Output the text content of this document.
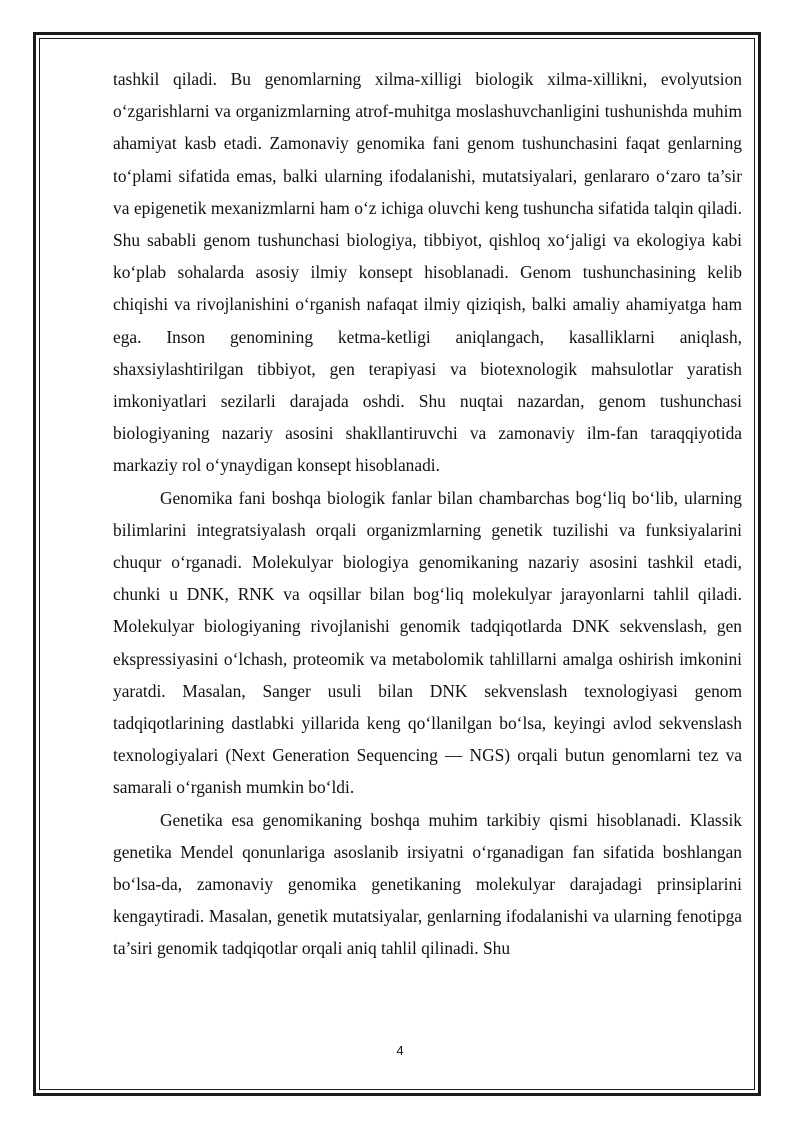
tashkil qiladi. Bu genomlarning xilma-xilligi biologik xilma-xillikni, evolyutsion o‘zgarishlarni va organizmlarning atrof-muhitga moslashuvchanligini tushunishda muhim ahamiyat kasb etadi. Zamonaviy genomika fani genom tushunchasini faqat genlarning to‘plami sifatida emas, balki ularning ifodalanishi, mutatsiyalari, genlararo o‘zaro ta’sir va epigenetik mexanizmlarni ham o‘z ichiga oluvchi keng tushuncha sifatida talqin qiladi. Shu sababli genom tushunchasi biologiya, tibbiyot, qishloq xo‘jaligi va ekologiya kabi ko‘plab sohalarda asosiy ilmiy konsept hisoblanadi. Genom tushunchasining kelib chiqishi va rivojlanishini o‘rganish nafaqat ilmiy qiziqish, balki amaliy ahamiyatga ham ega. Inson genomining ketma-ketligi aniqlangach, kasalliklarni aniqlash, shaxsiylashtirilgan tibbiyot, gen terapiyasi va biotexnologik mahsulotlar yaratish imkoniyatlari sezilarli darajada oshdi. Shu nuqtai nazardan, genom tushunchasi biologiyaning nazariy asosini shakllantiruvchi va zamonaviy ilm-fan taraqqiyotida markaziy rol o‘ynaydigan konsept hisoblanadi.

Genomika fani boshqa biologik fanlar bilan chambarchas bog‘liq bo‘lib, ularning bilimlarini integratsiyalash orqali organizmlarning genetik tuzilishi va funksiyalarini chuqur o‘rganadi. Molekulyar biologiya genomikaning nazariy asosini tashkil etadi, chunki u DNK, RNK va oqsillar bilan bog‘liq molekulyar jarayonlarni tahlil qiladi. Molekulyar biologiyaning rivojlanishi genomik tadqiqotlarda DNK sekvenslash, gen ekspressiyasini o‘lchash, proteomik va metabolomik tahlillarni amalga oshirish imkonini yaratdi. Masalan, Sanger usuli bilan DNK sekvenslash texnologiyasi genom tadqiqotlarining dastlabki yillarida keng qo‘llanilgan bo‘lsa, keyingi avlod sekvenslash texnologiyalari (Next Generation Sequencing — NGS) orqali butun genomlarni tez va samarali o‘rganish mumkin bo‘ldi.

Genetika esa genomikaning boshqa muhim tarkibiy qismi hisoblanadi. Klassik genetika Mendel qonunlariga asoslanib irsiyatni o‘rganadigan fan sifatida boshlangan bo‘lsa-da, zamonaviy genomika genetikaning molekulyar darajadagi prinsiplarini kengaytiradi. Masalan, genetik mutatsiyalar, genlarning ifodalanishi va ularning fenotipga ta’siri genomik tadqiqotlar orqali aniq tahlil qilinadi. Shu

4
